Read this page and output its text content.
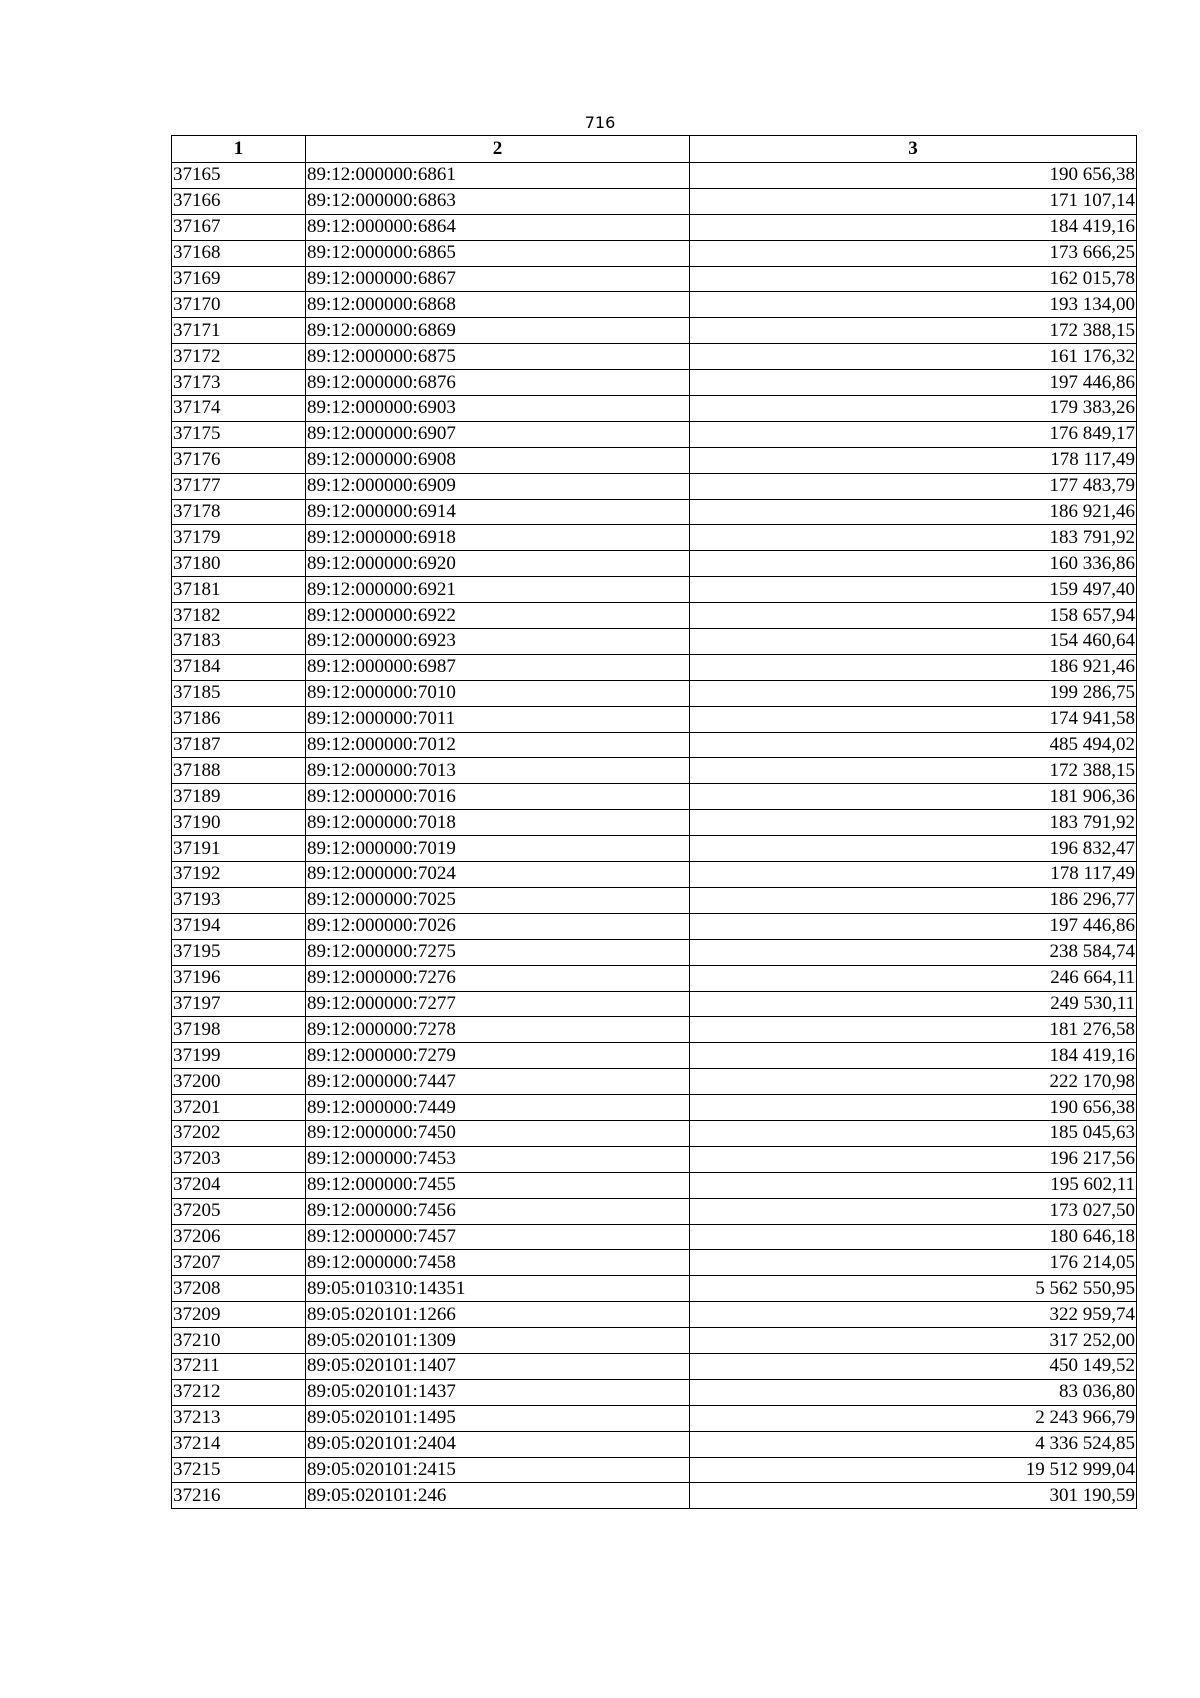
716
1	2	3
37165	89:12:000000:6861	190 656,38
37166	89:12:000000:6863	171 107,14
37167	89:12:000000:6864	184 419,16
37168	89:12:000000:6865	173 666,25
37169	89:12:000000:6867	162 015,78
37170	89:12:000000:6868	193 134,00
37171	89:12:000000:6869	172 388,15
37172	89:12:000000:6875	161 176,32
37173	89:12:000000:6876	197 446,86
37174	89:12:000000:6903	179 383,26
37175	89:12:000000:6907	176 849,17
37176	89:12:000000:6908	178 117,49
37177	89:12:000000:6909	177 483,79
37178	89:12:000000:6914	186 921,46
37179	89:12:000000:6918	183 791,92
37180	89:12:000000:6920	160 336,86
37181	89:12:000000:6921	159 497,40
37182	89:12:000000:6922	158 657,94
37183	89:12:000000:6923	154 460,64
37184	89:12:000000:6987	186 921,46
37185	89:12:000000:7010	199 286,75
37186	89:12:000000:7011	174 941,58
37187	89:12:000000:7012	485 494,02
37188	89:12:000000:7013	172 388,15
37189	89:12:000000:7016	181 906,36
37190	89:12:000000:7018	183 791,92
37191	89:12:000000:7019	196 832,47
37192	89:12:000000:7024	178 117,49
37193	89:12:000000:7025	186 296,77
37194	89:12:000000:7026	197 446,86
37195	89:12:000000:7275	238 584,74
37196	89:12:000000:7276	246 664,11
37197	89:12:000000:7277	249 530,11
37198	89:12:000000:7278	181 276,58
37199	89:12:000000:7279	184 419,16
37200	89:12:000000:7447	222 170,98
37201	89:12:000000:7449	190 656,38
37202	89:12:000000:7450	185 045,63
37203	89:12:000000:7453	196 217,56
37204	89:12:000000:7455	195 602,11
37205	89:12:000000:7456	173 027,50
37206	89:12:000000:7457	180 646,18
37207	89:12:000000:7458	176 214,05
37208	89:05:010310:14351	5 562 550,95
37209	89:05:020101:1266	322 959,74
37210	89:05:020101:1309	317 252,00
37211	89:05:020101:1407	450 149,52
37212	89:05:020101:1437	83 036,80
37213	89:05:020101:1495	2 243 966,79
37214	89:05:020101:2404	4 336 524,85
37215	89:05:020101:2415	19 512 999,04
37216	89:05:020101:246	301 190,59
